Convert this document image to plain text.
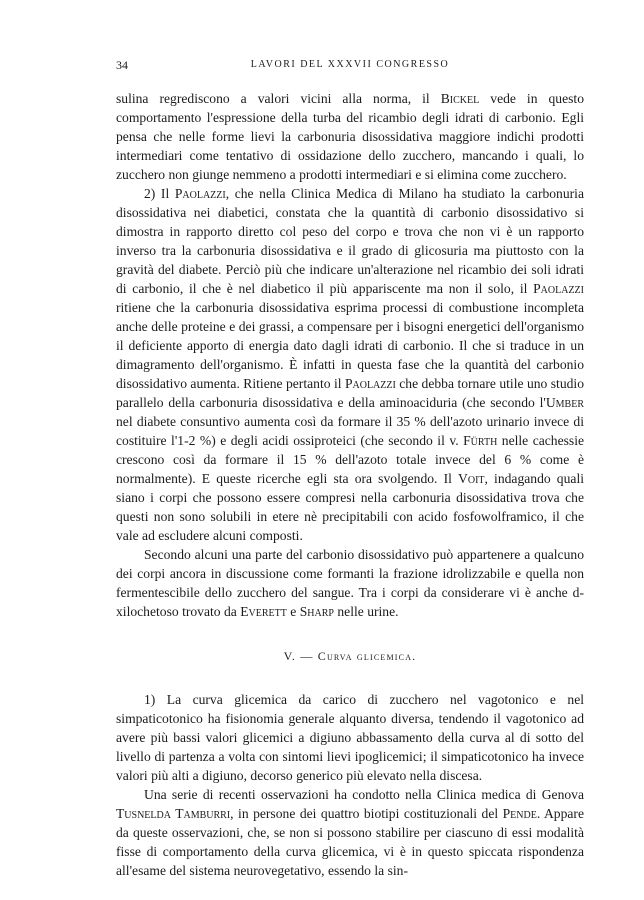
34	LAVORI DEL XXXVII CONGRESSO

sulina regrediscono a valori vicini alla norma, il Bickel vede in questo comportamento l'espressione della turba del ricambio degli idrati di carbonio. Egli pensa che nelle forme lievi la carbonuria disossidativa maggiore indichi prodotti intermediari come tentativo di ossidazione dello zucchero, mancando i quali, lo zucchero non giunge nemmeno a prodotti intermediari e si elimina come zucchero.

2) Il Paolazzi, che nella Clinica Medica di Milano ha studiato la carbonuria disossidativa nei diabetici, constata che la quantità di carbonio disossidativo si dimostra in rapporto diretto col peso del corpo e trova che non vi è un rapporto inverso tra la carbonuria disossidativa e il grado di glicosuria ma piuttosto con la gravità del diabete. Perciò più che indicare un'alterazione nel ricambio dei soli idrati di carbonio, il che è nel diabetico il più appariscente ma non il solo, il Paolazzi ritiene che la carbonuria disossidativa esprima processi di combustione incompleta anche delle proteine e dei grassi, a compensare per i bisogni energetici dell'organismo il deficiente apporto di energia dato dagli idrati di carbonio. Il che si traduce in un dimagramento dell'organismo. È infatti in questa fase che la quantità del carbonio disossidativo aumenta. Ritiene pertanto il Paolazzi che debba tornare utile uno studio parallelo della carbonuria disossidativa e della aminoaciduria (che secondo l'Umber nel diabete consuntivo aumenta così da formare il 35 % dell'azoto urinario invece di costituire l'1-2 %) e degli acidi ossiproteici (che secondo il v. Fürth nelle cachessie crescono così da formare il 15 % dell'azoto totale invece del 6 % come è normalmente). E queste ricerche egli sta ora svolgendo. Il Voit, indagando quali siano i corpi che possono essere compresi nella carbonuria disossidativa trova che questi non sono solubili in etere nè precipitabili con acido fosfowolframico, il che vale ad escludere alcuni composti.

Secondo alcuni una parte del carbonio disossidativo può appartenere a qualcuno dei corpi ancora in discussione come formanti la frazione idrolizzabile e quella non fermentescibile dello zucchero del sangue. Tra i corpi da considerare vi è anche d-xilochetoso trovato da Everett e Sharp nelle urine.

V. — Curva glicemica.

1) La curva glicemica da carico di zucchero nel vagotonico e nel simpaticotonico ha fisionomia generale alquanto diversa, tendendo il vagotonico ad avere più bassi valori glicemici a digiuno abbassamento della curva al di sotto del livello di partenza a volta con sintomi lievi ipoglicemici; il simpaticotonico ha invece valori più alti a digiuno, decorso generico più elevato nella discesa.

Una serie di recenti osservazioni ha condotto nella Clinica medica di Genova Tusnelda Tamburri, in persone dei quattro biotipi costituzionali del Pende. Appare da queste osservazioni, che, se non si possono stabilire per ciascuno di essi modalità fisse di comportamento della curva glicemica, vi è in questo spiccata rispondenza all'esame del sistema neurovegetativo, essendo la sin-
